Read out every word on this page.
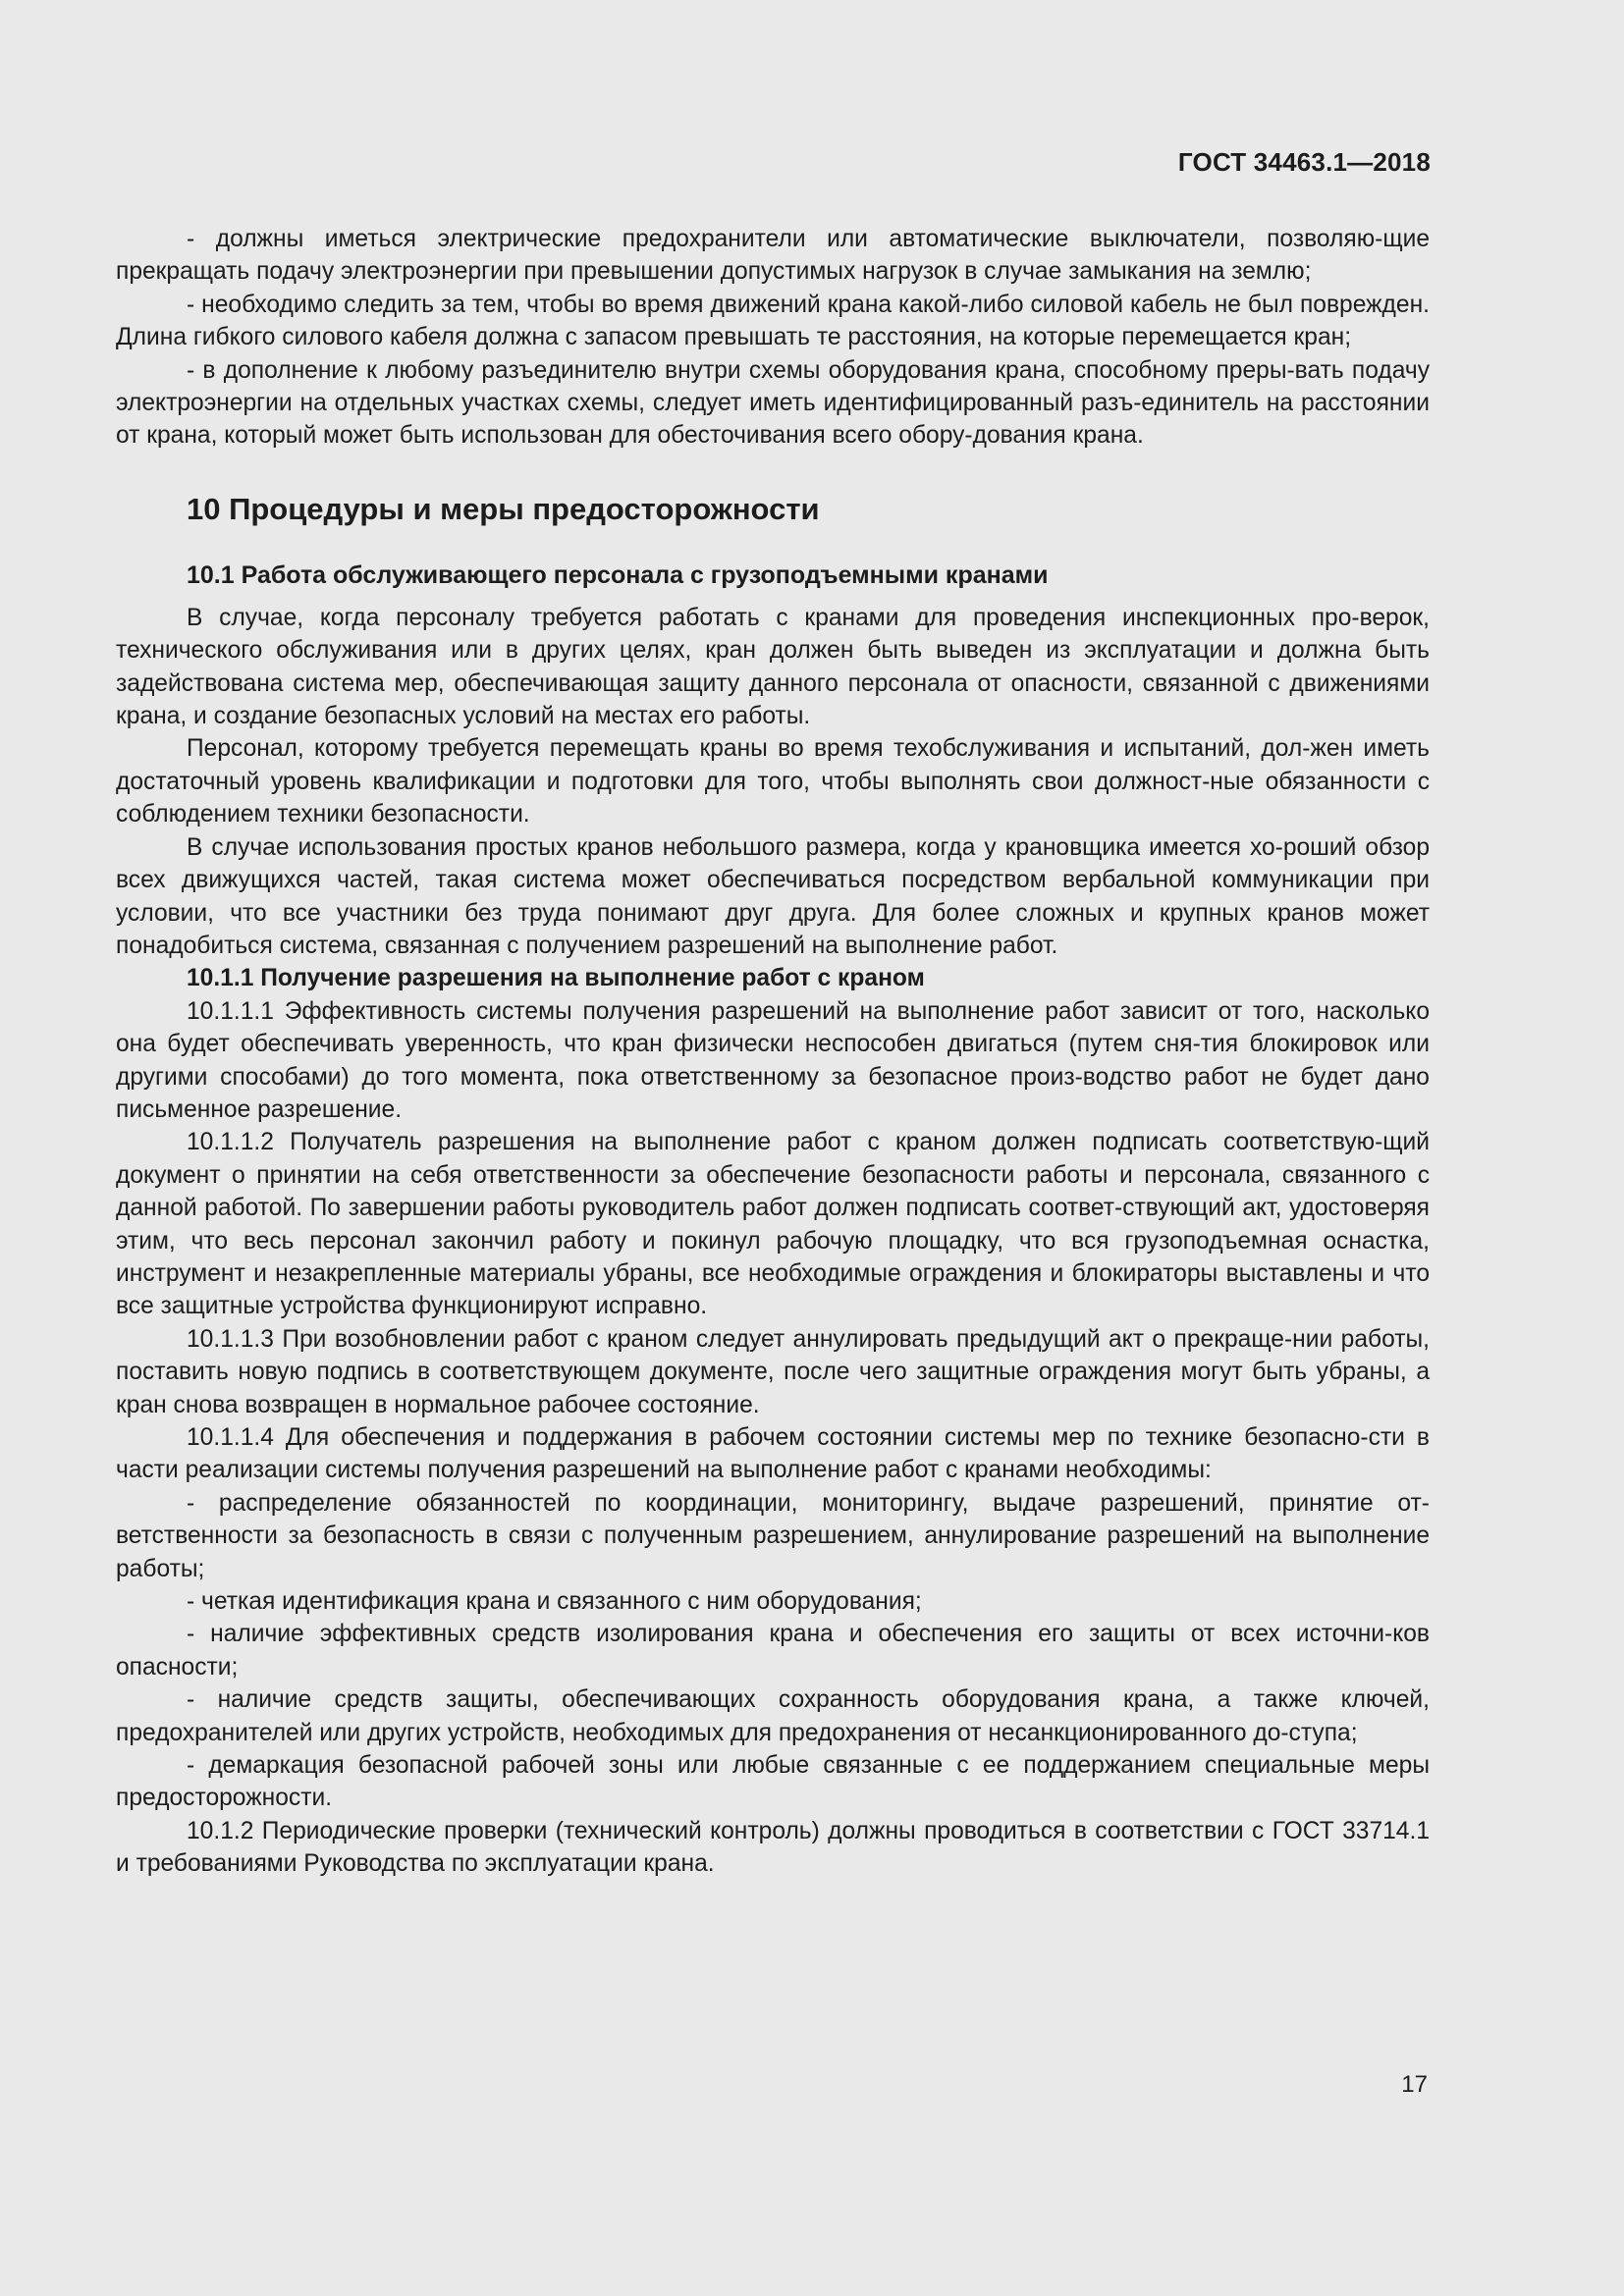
ГОСТ 34463.1—2018

- должны иметься электрические предохранители или автоматические выключатели, позволяю-щие прекращать подачу электроэнергии при превышении допустимых нагрузок в случае замыкания на землю;

- необходимо следить за тем, чтобы во время движений крана какой-либо силовой кабель не был поврежден. Длина гибкого силового кабеля должна с запасом превышать те расстояния, на которые перемещается кран;

- в дополнение к любому разъединителю внутри схемы оборудования крана, способному преры-вать подачу электроэнергии на отдельных участках схемы, следует иметь идентифицированный разъ-единитель на расстоянии от крана, который может быть использован для обесточивания всего обору-дования крана.

10 Процедуры и меры предосторожности

10.1 Работа обслуживающего персонала с грузоподъемными кранами

В случае, когда персоналу требуется работать с кранами для проведения инспекционных про-верок, технического обслуживания или в других целях, кран должен быть выведен из эксплуатации и должна быть задействована система мер, обеспечивающая защиту данного персонала от опасности, связанной с движениями крана, и создание безопасных условий на местах его работы.

Персонал, которому требуется перемещать краны во время техобслуживания и испытаний, дол-жен иметь достаточный уровень квалификации и подготовки для того, чтобы выполнять свои должност-ные обязанности с соблюдением техники безопасности.

В случае использования простых кранов небольшого размера, когда у крановщика имеется хо-роший обзор всех движущихся частей, такая система может обеспечиваться посредством вербальной коммуникации при условии, что все участники без труда понимают друг друга. Для более сложных и крупных кранов может понадобиться система, связанная с получением разрешений на выполнение работ.

10.1.1 Получение разрешения на выполнение работ с краном

10.1.1.1 Эффективность системы получения разрешений на выполнение работ зависит от того, насколько она будет обеспечивать уверенность, что кран физически неспособен двигаться (путем сня-тия блокировок или другими способами) до того момента, пока ответственному за безопасное произ-водство работ не будет дано письменное разрешение.

10.1.1.2 Получатель разрешения на выполнение работ с краном должен подписать соответствую-щий документ о принятии на себя ответственности за обеспечение безопасности работы и персонала, связанного с данной работой. По завершении работы руководитель работ должен подписать соответ-ствующий акт, удостоверяя этим, что весь персонал закончил работу и покинул рабочую площадку, что вся грузоподъемная оснастка, инструмент и незакрепленные материалы убраны, все необходимые ограждения и блокираторы выставлены и что все защитные устройства функционируют исправно.

10.1.1.3 При возобновлении работ с краном следует аннулировать предыдущий акт о прекраще-нии работы, поставить новую подпись в соответствующем документе, после чего защитные ограждения могут быть убраны, а кран снова возвращен в нормальное рабочее состояние.

10.1.1.4 Для обеспечения и поддержания в рабочем состоянии системы мер по технике безопасно-сти в части реализации системы получения разрешений на выполнение работ с кранами необходимы:

- распределение обязанностей по координации, мониторингу, выдаче разрешений, принятие от-ветственности за безопасность в связи с полученным разрешением, аннулирование разрешений на выполнение работы;

- четкая идентификация крана и связанного с ним оборудования;

- наличие эффективных средств изолирования крана и обеспечения его защиты от всех источни-ков опасности;

- наличие средств защиты, обеспечивающих сохранность оборудования крана, а также ключей, предохранителей или других устройств, необходимых для предохранения от несанкционированного до-ступа;

- демаркация безопасной рабочей зоны или любые связанные с ее поддержанием специальные меры предосторожности.

10.1.2 Периодические проверки (технический контроль) должны проводиться в соответствии с ГОСТ 33714.1 и требованиями Руководства по эксплуатации крана.

17
